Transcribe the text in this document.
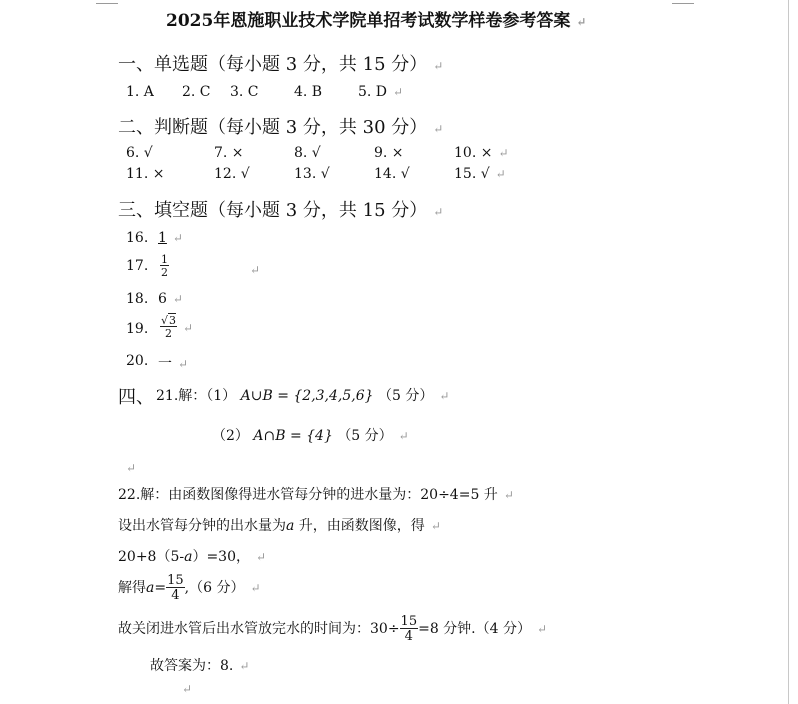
2025年恩施职业技术学院单招考试数学样卷参考答案 ↵
一、单选题（每小题 3 分，共 15 分） ↵
1. A 2. C 3. C	4. B	5. D ↵
二、判断题（每小题 3 分，共 30 分） ↵
6. √	7. ×	8. √	9. ×	10. × ↵
11. ×	12. √	13. √	14. √	15. √ ↵
三、填空题（每小题 3 分，共 15 分） ↵
16. 1 ↵
17. $\frac{1}{2}$	↵
18. 6 ↵
19. $\frac{√3}{2}$ ↵
20. 一 ↵
四、 21.解：（1） A∪B = {2,3,4,5,6} （5 分） ↵
（2） A∩B = {4} （5 分） ↵
↵
22.解：由函数图像得进水管每分钟的进水量为：20÷4=5 升 ↵
设出水管每分钟的出水量为a 升，由函数图像，得 ↵
20+8（5-a）=30， ↵
解得$a= \frac{15}{4} ,(6$ 分） ↵
故关闭进水管后出水管放完水的时间为：$30\div \frac{15}{4} =8$ 分钟.（4 分） ↵
故答案为：8. ↵
↵
